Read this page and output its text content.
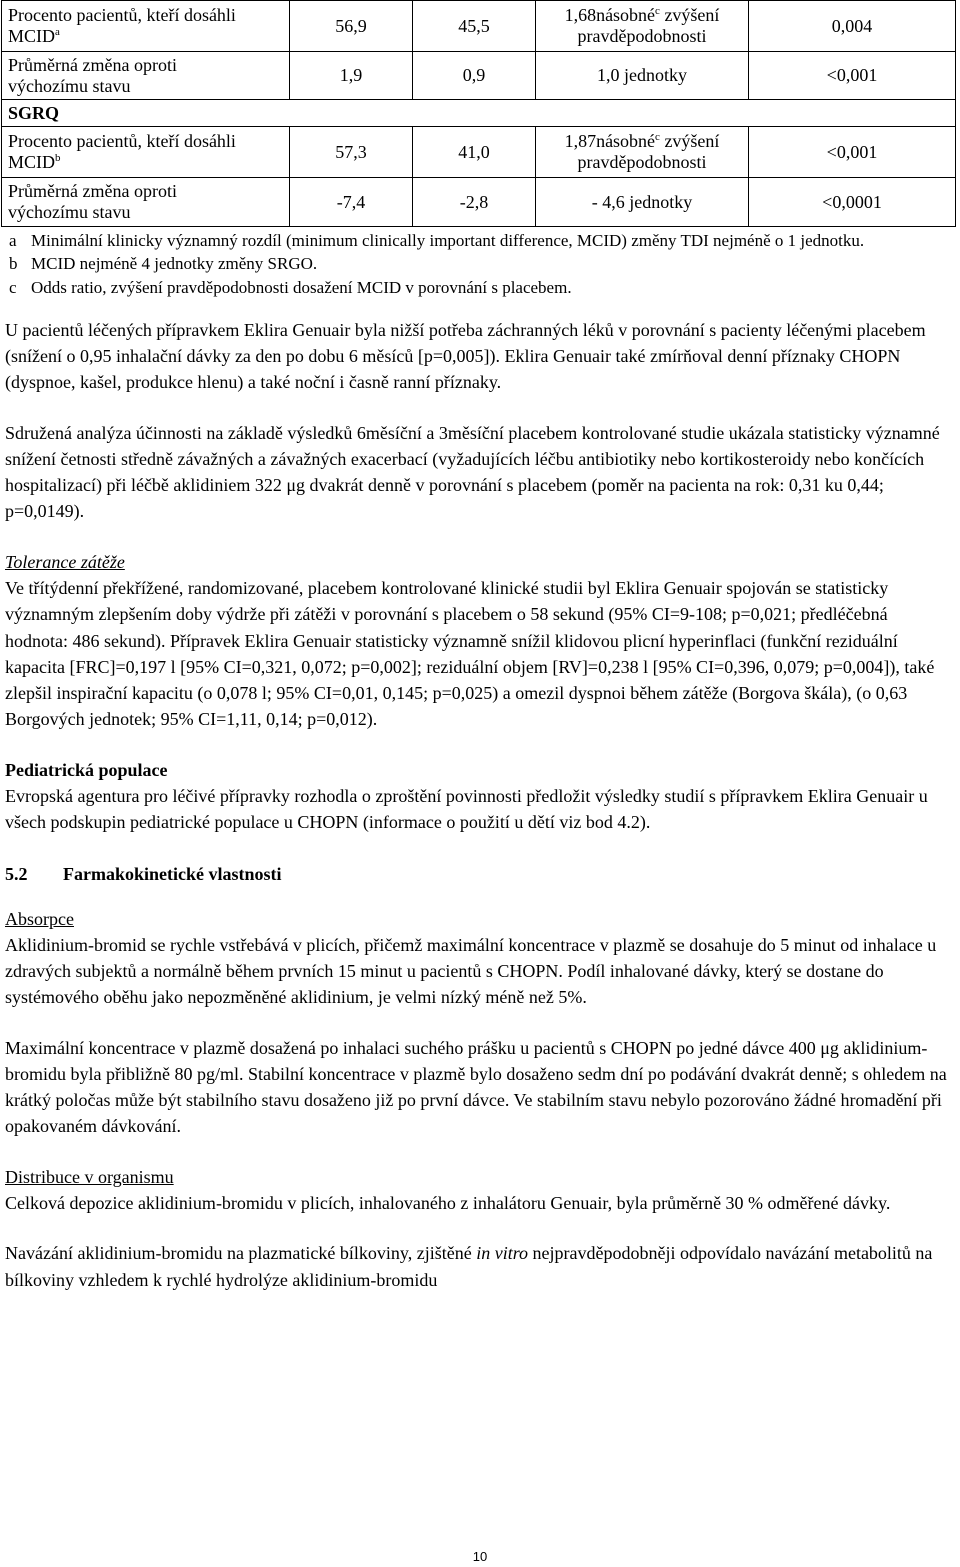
Procento pacientů, kteří dosáhli
MCID$^a$	56,9	45,5	1,68násobné$^c$ zvýšení
pravděpodobnosti	0,004
Průměrná změna oproti
výchozímu stavu	1,9	0,9	1,0 jednotky	<0,001
SGRQ				
Procento pacientů, kteří dosáhli
MCID$^b$	57,3	41,0	1,87násobné$^c$ zvýšení
pravděpodobnosti	<0,001
Průměrná změna oproti
výchozímu stavu	-7,4	-2,8	- 4,6 jednotky	<0,0001
a Minimální klinicky významný rozdíl (minimum clinically important difference, MCID) změny TDI nejméně o 1 jednotku.
b MCID nejméně 4 jednotky změny SRGO.
c Odds ratio, zvýšení pravděpodobnosti dosažení MCID v porovnání s placebem.

U pacientů léčených přípravkem Eklira Genuair byla nižší potřeba záchranných léků v porovnání s pacienty léčenými placebem (snížení o 0,95 inhalační dávky za den po dobu 6 měsíců [p=0,005]). Eklira Genuair také zmírňoval denní příznaky CHOPN (dyspnoe, kašel, produkce hlenu) a také noční i časně ranní příznaky.

Sdružená analýza účinnosti na základě výsledků 6měsíční a 3měsíční placebem kontrolované studie ukázala statisticky významné snížení četnosti středně závažných a závažných exacerbací (vyžadujících léčbu antibiotiky nebo kortikosteroidy nebo končících hospitalizací) při léčbě aklidiniem 322 μg dvakrát denně v porovnání s placebem (poměr na pacienta na rok: 0,31 ku 0,44; p=0,0149).

Tolerance zátěže

Ve třítýdenní překřížené, randomizované, placebem kontrolované klinické studii byl Eklira Genuair spojován se statisticky významným zlepšením doby výdrže při zátěži v porovnání s placebem o 58 sekund (95% CI=9-108; p=0,021; předléčebná hodnota: 486 sekund). Přípravek Eklira Genuair statisticky významně snížil klidovou plicní hyperinflaci (funkční reziduální kapacita [FRC]=0,197 l [95% CI=0,321, 0,072; p=0,002]; reziduální objem [RV]=0,238 l [95% CI=0,396, 0,079; p=0,004]), také zlepšil inspirační kapacitu (o 0,078 l; 95% CI=0,01, 0,145; p=0,025) a omezil dyspnoi během zátěže (Borgova škála), (o 0,63 Borgových jednotek; 95% CI=1,11, 0,14; p=0,012).

Pediatrická populace

Evropská agentura pro léčivé přípravky rozhodla o zproštění povinnosti předložit výsledky studií s přípravkem Eklira Genuair u všech podskupin pediatrické populace u CHOPN (informace o použití u dětí viz bod 4.2).

5.2 Farmakokinetické vlastnosti

Absorpce

Aklidinium-bromid se rychle vstřebává v plicích, přičemž maximální koncentrace v plazmě se dosahuje do 5 minut od inhalace u zdravých subjektů a normálně během prvních 15 minut u pacientů s CHOPN. Podíl inhalované dávky, který se dostane do systémového oběhu jako nepozměněné aklidinium, je velmi nízký méně než 5%.

Maximální koncentrace v plazmě dosažená po inhalaci suchého prášku u pacientů s CHOPN po jedné dávce 400 μg aklidinium-bromidu byla přibližně 80 pg/ml. Stabilní koncentrace v plazmě bylo dosaženo sedm dní po podávání dvakrát denně; s ohledem na krátký poločas může být stabilního stavu dosaženo již po první dávce. Ve stabilním stavu nebylo pozorováno žádné hromadění při opakovaném dávkování.

Distribuce v organismu

Celková depozice aklidinium-bromidu v plicích, inhalovaného z inhalátoru Genuair, byla průměrně 30 % odměřené dávky.

Navázání aklidinium-bromidu na plazmatické bílkoviny, zjištěné in vitro nejpravděpodobněji odpovídalo navázání metabolitů na bílkoviny vzhledem k rychlé hydrolýze aklidinium-bromidu

10
